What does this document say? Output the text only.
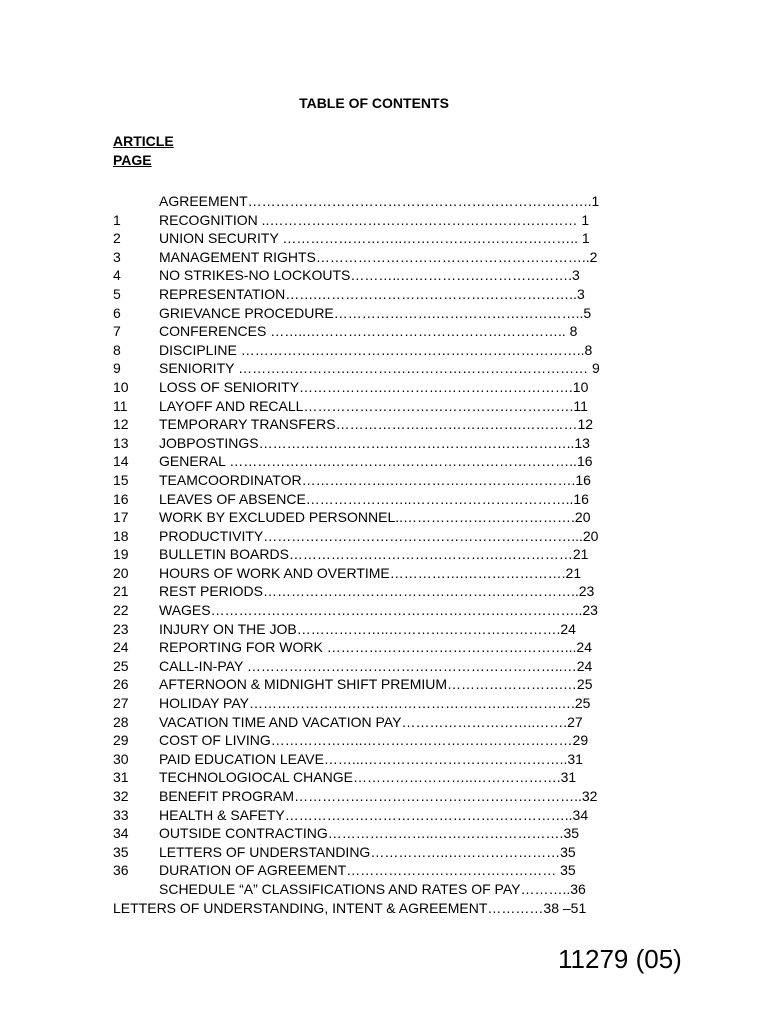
TABLE OF CONTENTS
ARTICLE
PAGE
AGREEMENT………………………………………………………………..1
1	RECOGNITION ..………………………………………………………… 1
2	UNION SECURITY ……………………..……………………………….. 1
3	MANAGEMENT RIGHTS…………………………………………………..2
4	NO STRIKES-NO LOCKOUTS………..……………………………….3
5	REPRESENTATION…….………………………………………………..3
6	GRIEVANCE PROCEDURE………………….…………………………..5
7	CONFERENCES ……..……………………………………………….. 8
8	DISCIPLINE ………………………………………………………………..8
9	SENIORITY ………………………………………………………………… 9
10 LOSS OF SENIORITY……………….………………………………….10
11 LAYOFF AND RECALL………………………………………………….11
12 TEMPORARY TRANSFERS………………………………….…………12
13 JOBPOSTINGS…………………………………………………………..13
14 GENERAL ………………….……………………………………………..16
15 TEAMCOORDINATOR……………….………………………………….16
16 LEAVES OF ABSENCE…………………..……………………………..16
17 WORK BY EXCLUDED PERSONNEL..……………………………….20
18 PRODUCTIVITY…………………………………………………………...20
19 BULLETIN BOARDS……………………………………….……………21
20 HOURS OF WORK AND OVERTIME…………….………………….21
21 REST PERIODS…………………………………………………………..23
22 WAGES……………………………………………………………………..23
23 INJURY ON THE JOB………………..……………………………….24
24 REPORTING FOR WORK ……………………………………………...24
25 CALL-IN-PAY …………………………………………………………..…24
26 AFTERNOON & MIDNIGHT SHIFT PREMIUM…………………….…25
27 HOLIDAY PAY…………………………………………………………….25
28 VACATION TIME AND VACATION PAY………………………..…….27
29 COST OF LIVING………………..………………………………………29
30 PAID EDUCATION LEAVE……...……………………………………..31
31 TECHNOLOGIOCAL CHANGE……………………..……………….31
32 BENEFIT PROGRAM……………………………………………………..32
33 HEALTH & SAFETY……………………………………………………..34
34 OUTSIDE CONTRACTING…………………..……………………….35
35 LETTERS OF UNDERSTANDING……………..……………………35
36 DURATION OF AGREEMENT……………………………………… 35
SCHEDULE “A” CLASSIFICATIONS AND RATES OF PAY………..36
LETTERS OF UNDERSTANDING, INTENT & AGREEMENT…………38 –51
11279 (05)
